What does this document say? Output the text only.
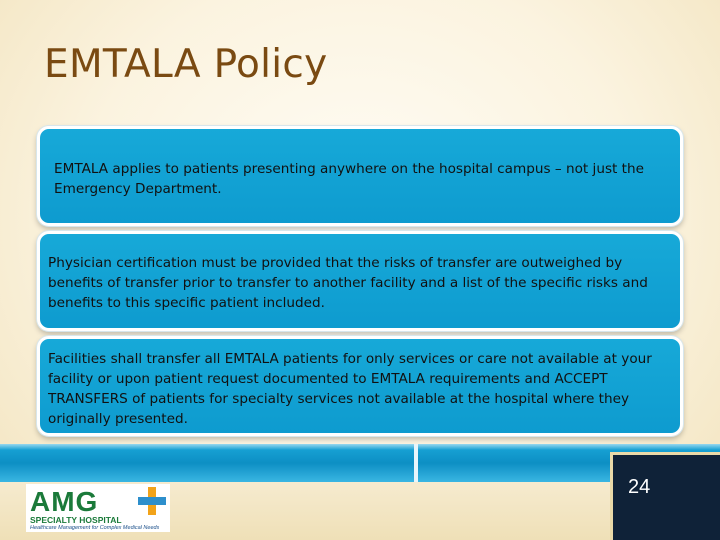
EMTALA Policy
EMTALA applies to patients presenting anywhere on the hospital campus – not just the Emergency Department.
Physician certification must be provided that the risks of transfer are outweighed by benefits of transfer prior to transfer to another facility and a list of the specific risks and benefits to this specific patient included.
Facilities shall transfer all EMTALA patients for only services or care not available at your facility or upon patient request documented to EMTALA requirements and ACCEPT TRANSFERS of patients for specialty services not available at the hospital where they originally presented.
24
AMG
SPECIALTY HOSPITAL
Healthcare Management for Complex Medical Needs
